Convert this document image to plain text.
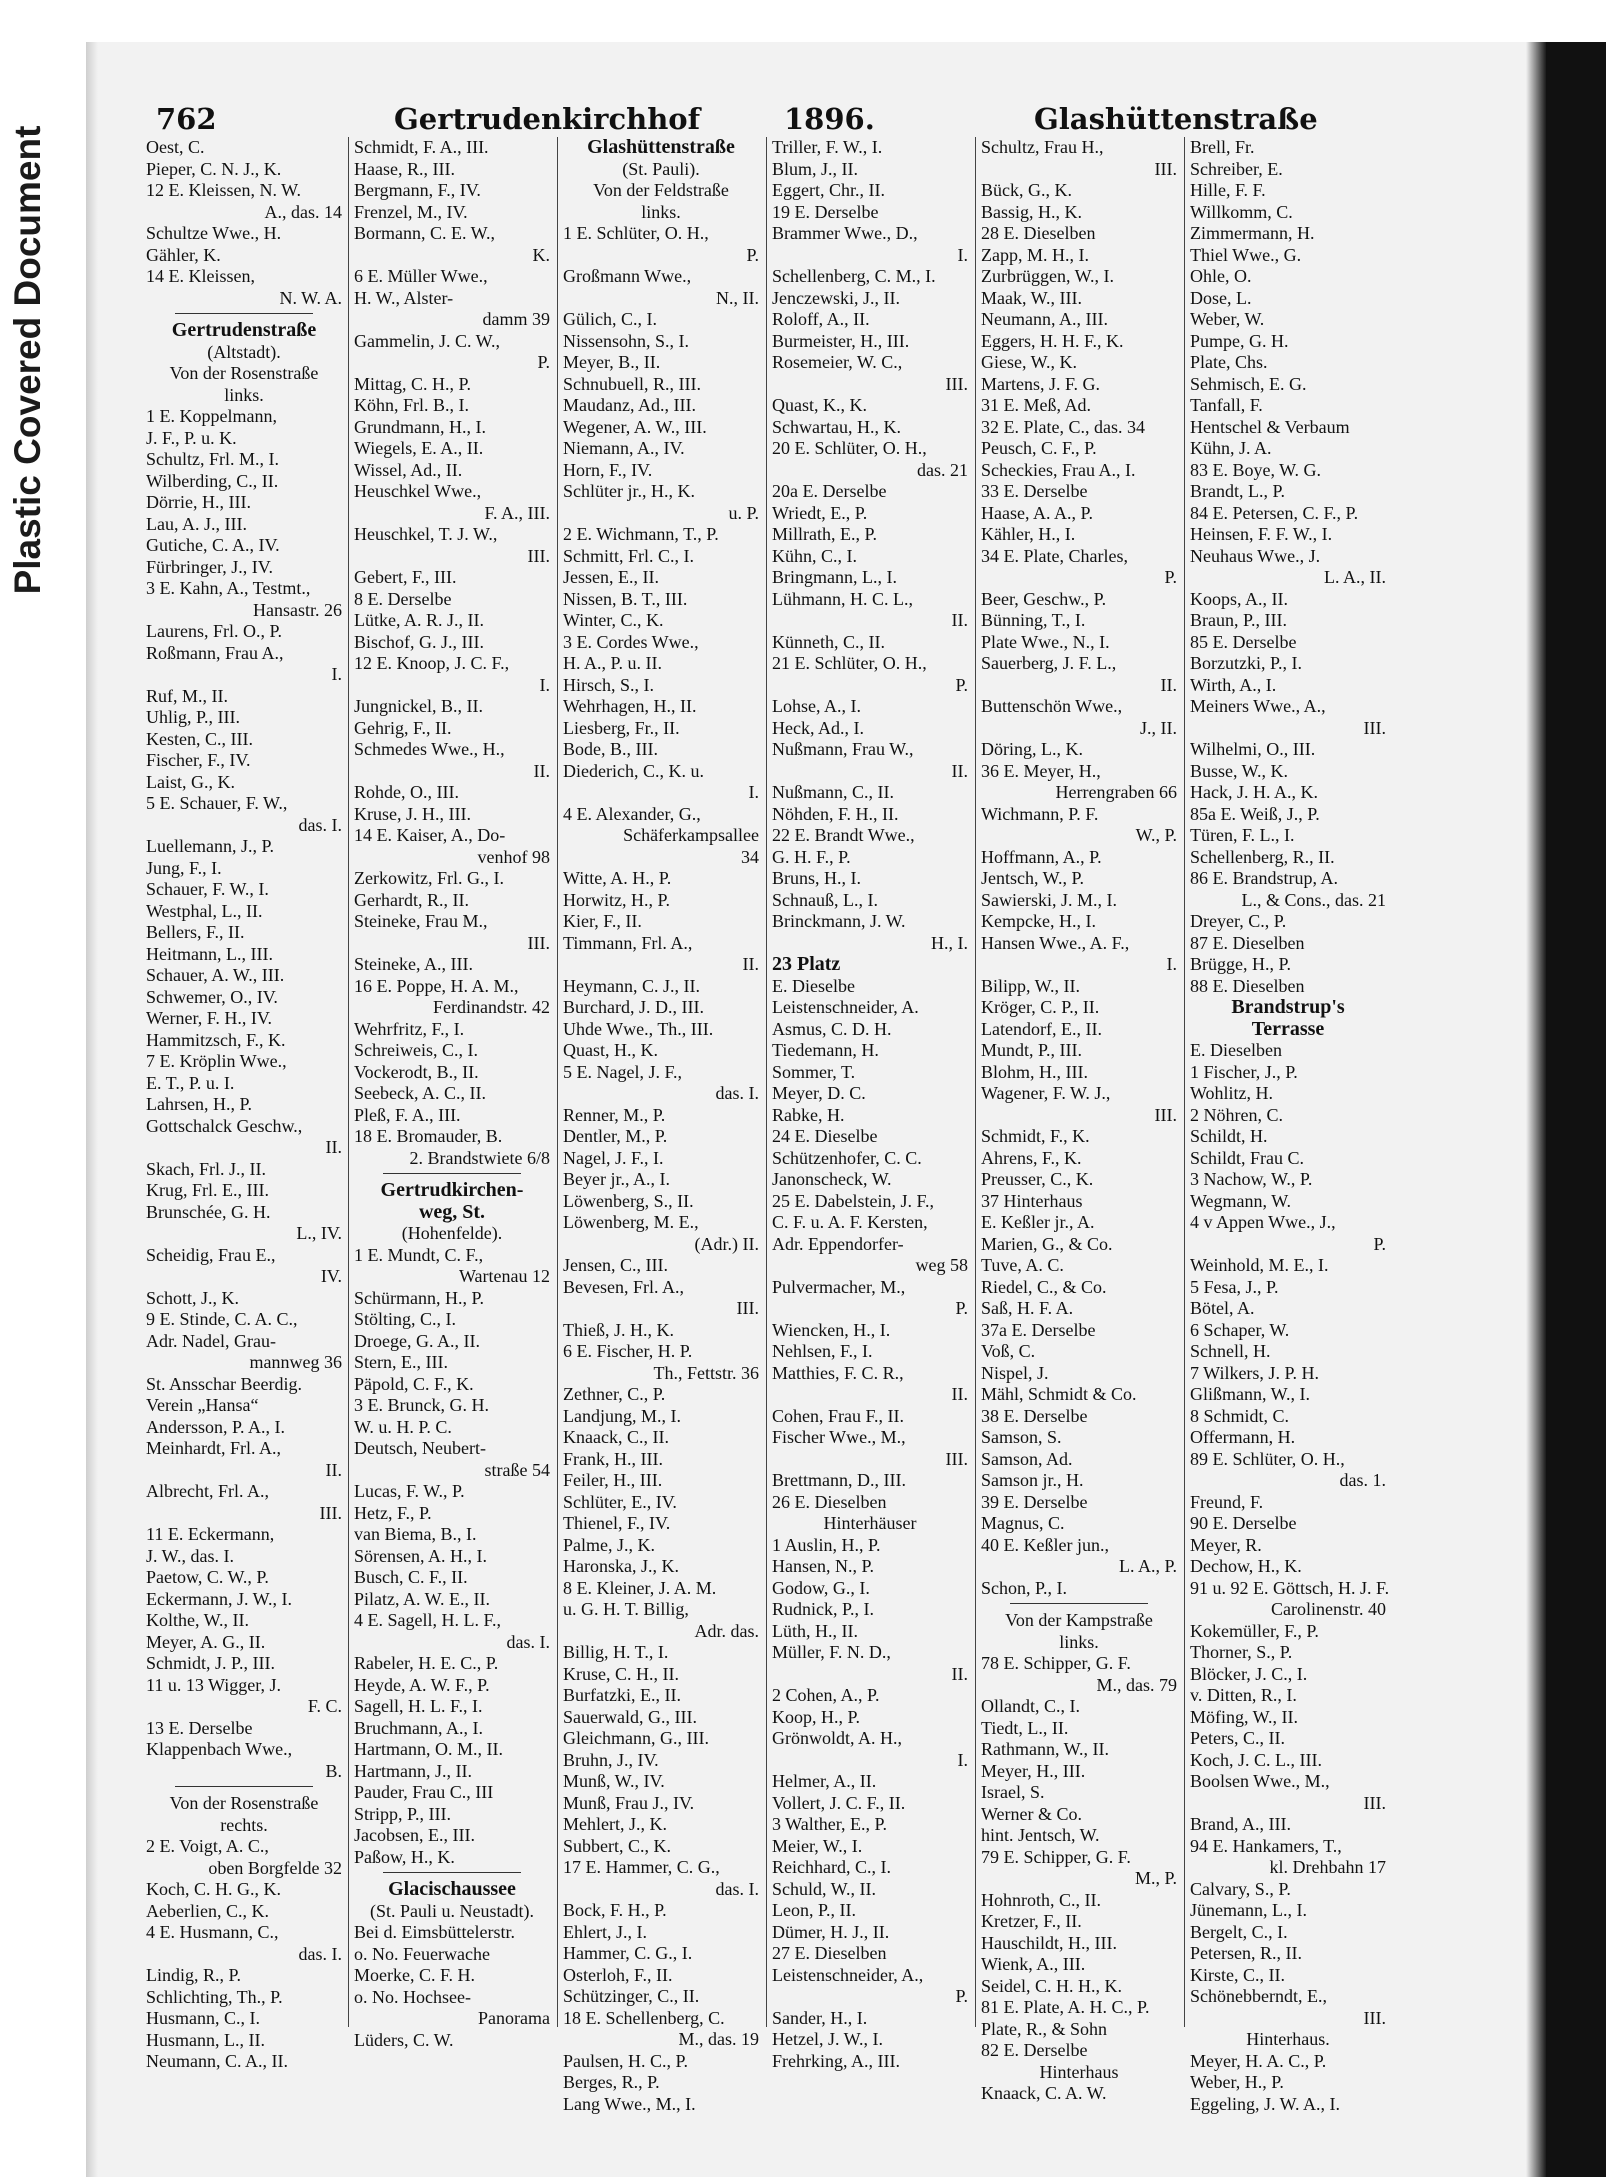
Plastic Covered Document
762	Gertrudenkirchhof	1896.	Glashüttenstraße
Oest, C.
Pieper, C. N. J., K.
12 E. Kleissen, N. W.
A., das. 14
Schultze Wwe., H.
Gähler, K.
14 E. Kleissen,
N. W. A.
Gertrudenstraße
(Altstadt).
Von der Rosenstraße
links.
1 E. Koppelmann,
J. F., P. u. K.
Schultz, Frl. M., I.
Wilberding, C., II.
Dörrie, H., III.
Lau, A. J., III.
Gutiche, C. A., IV.
Fürbringer, J., IV.
3 E. Kahn, A., Testmt.,
Hansastr. 26
Laurens, Frl. O., P.
Roßmann, Frau A.,
I.
Ruf, M., II.
Uhlig, P., III.
Kesten, C., III.
Fischer, F., IV.
Laist, G., K.
5 E. Schauer, F. W.,
das. I.
Luellemann, J., P.
Jung, F., I.
Schauer, F. W., I.
Westphal, L., II.
Bellers, F., II.
Heitmann, L., III.
Schauer, A. W., III.
Schwemer, O., IV.
Werner, F. H., IV.
Hammitzsch, F., K.
7 E. Kröplin Wwe.,
E. T., P. u. I.
Lahrsen, H., P.
Gottschalck Geschw.,
II.
Skach, Frl. J., II.
Krug, Frl. E., III.
Brunschée, G. H.
L., IV.
Scheidig, Frau E.,
IV.
Schott, J., K.
9 E. Stinde, C. A. C.,
Adr. Nadel, Grau-
mannweg 36
St. Ansschar Beerdig.
Verein „Hansa“
Andersson, P. A., I.
Meinhardt, Frl. A.,
II.
Albrecht, Frl. A.,
III.
11 E. Eckermann,
J. W., das. I.
Paetow, C. W., P.
Eckermann, J. W., I.
Kolthe, W., II.
Meyer, A. G., II.
Schmidt, J. P., III.
11 u. 13 Wigger, J.
F. C.
13 E. Derselbe
Klappenbach Wwe.,
B.
Von der Rosenstraße
rechts.
2 E. Voigt, A. C.,
oben Borgfelde 32
Koch, C. H. G., K.
Aeberlien, C., K.
4 E. Husmann, C.,
das. I.
Lindig, R., P.
Schlichting, Th., P.
Husmann, C., I.
Husmann, L., II.
Neumann, C. A., II.
Schmidt, F. A., III.
Haase, R., III.
Bergmann, F., IV.
Frenzel, M., IV.
Bormann, C. E. W.,
K.
6 E. Müller Wwe.,
H. W., Alster-
damm 39
Gammelin, J. C. W.,
P.
Mittag, C. H., P.
Köhn, Frl. B., I.
Grundmann, H., I.
Wiegels, E. A., II.
Wissel, Ad., II.
Heuschkel Wwe.,
F. A., III.
Heuschkel, T. J. W.,
III.
Gebert, F., III.
8 E. Derselbe
Lütke, A. R. J., II.
Bischof, G. J., III.
12 E. Knoop, J. C. F.,
I.
Jungnickel, B., II.
Gehrig, F., II.
Schmedes Wwe., H.,
II.
Rohde, O., III.
Kruse, J. H., III.
14 E. Kaiser, A., Do-
venhof 98
Zerkowitz, Frl. G., I.
Gerhardt, R., II.
Steineke, Frau M.,
III.
Steineke, A., III.
16 E. Poppe, H. A. M.,
Ferdinandstr. 42
Wehrfritz, F., I.
Schreiweis, C., I.
Vockerodt, B., II.
Seebeck, A. C., II.
Pleß, F. A., III.
18 E. Bromauder, B.
2. Brandstwiete 6/8
Gertrudkirchen-
weg, St.
(Hohenfelde).
1 E. Mundt, C. F.,
Wartenau 12
Schürmann, H., P.
Stölting, C., I.
Droege, G. A., II.
Stern, E., III.
Päpold, C. F., K.
3 E. Brunck, G. H.
W. u. H. P. C.
Deutsch, Neubert-
straße 54
Lucas, F. W., P.
Hetz, F., P.
van Biema, B., I.
Sörensen, A. H., I.
Busch, C. F., II.
Pilatz, A. W. E., II.
4 E. Sagell, H. L. F.,
das. I.
Rabeler, H. E. C., P.
Heyde, A. W. F., P.
Sagell, H. L. F., I.
Bruchmann, A., I.
Hartmann, O. M., II.
Hartmann, J., II.
Pauder, Frau C., III
Stripp, P., III.
Jacobsen, E., III.
Paßow, H., K.
Glacischaussee
(St. Pauli u. Neustadt).
Bei d. Eimsbüttelerstr.
o. No. Feuerwache
Moerke, C. F. H.
o. No. Hochsee-
Panorama
Lüders, C. W.
Glashüttenstraße
(St. Pauli).
Von der Feldstraße
links.
1 E. Schlüter, O. H.,
P.
Großmann Wwe.,
N., II.
Gülich, C., I.
Nissensohn, S., I.
Meyer, B., II.
Schnubuell, R., III.
Maudanz, Ad., III.
Wegener, A. W., III.
Niemann, A., IV.
Horn, F., IV.
Schlüter jr., H., K.
u. P.
2 E. Wichmann, T., P.
Schmitt, Frl. C., I.
Jessen, E., II.
Nissen, B. T., III.
Winter, C., K.
3 E. Cordes Wwe.,
H. A., P. u. II.
Hirsch, S., I.
Wehrhagen, H., II.
Liesberg, Fr., II.
Bode, B., III.
Diederich, C., K. u.
I.
4 E. Alexander, G.,
Schäferkampsallee
34
Witte, A. H., P.
Horwitz, H., P.
Kier, F., II.
Timmann, Frl. A.,
II.
Heymann, C. J., II.
Burchard, J. D., III.
Uhde Wwe., Th., III.
Quast, H., K.
5 E. Nagel, J. F.,
das. I.
Renner, M., P.
Dentler, M., P.
Nagel, J. F., I.
Beyer jr., A., I.
Löwenberg, S., II.
Löwenberg, M. E.,
(Adr.) II.
Jensen, C., III.
Bevesen, Frl. A.,
III.
Thieß, J. H., K.
6 E. Fischer, H. P.
Th., Fettstr. 36
Zethner, C., P.
Landjung, M., I.
Knaack, C., II.
Frank, H., III.
Feiler, H., III.
Schlüter, E., IV.
Thienel, F., IV.
Palme, J., K.
Haronska, J., K.
8 E. Kleiner, J. A. M.
u. G. H. T. Billig,
Adr. das.
Billig, H. T., I.
Kruse, C. H., II.
Burfatzki, E., II.
Sauerwald, G., III.
Gleichmann, G., III.
Bruhn, J., IV.
Munß, W., IV.
Munß, Frau J., IV.
Mehlert, J., K.
Subbert, C., K.
17 E. Hammer, C. G.,
das. I.
Bock, F. H., P.
Ehlert, J., I.
Hammer, C. G., I.
Osterloh, F., II.
Schützinger, C., II.
18 E. Schellenberg, C.
M., das. 19
Paulsen, H. C., P.
Berges, R., P.
Lang Wwe., M., I.
Triller, F. W., I.
Blum, J., II.
Eggert, Chr., II.
19 E. Derselbe
Brammer Wwe., D.,
I.
Schellenberg, C. M., I.
Jenczewski, J., II.
Roloff, A., II.
Burmeister, H., III.
Rosemeier, W. C.,
III.
Quast, K., K.
Schwartau, H., K.
20 E. Schlüter, O. H.,
das. 21
20a E. Derselbe
Wriedt, E., P.
Millrath, E., P.
Kühn, C., I.
Bringmann, L., I.
Lühmann, H. C. L.,
II.
Künneth, C., II.
21 E. Schlüter, O. H.,
P.
Lohse, A., I.
Heck, Ad., I.
Nußmann, Frau W.,
II.
Nußmann, C., II.
Nöhden, F. H., II.
22 E. Brandt Wwe.,
G. H. F., P.
Bruns, H., I.
Schnauß, L., I.
Brinckmann, J. W.
H., I.
23 Platz
E. Dieselbe
Leistenschneider, A.
Asmus, C. D. H.
Tiedemann, H.
Sommer, T.
Meyer, D. C.
Rabke, H.
24 E. Dieselbe
Schützenhofer, C. C.
Janonscheck, W.
25 E. Dabelstein, J. F.,
C. F. u. A. F. Kersten,
Adr. Eppendorfer-
weg 58
Pulvermacher, M.,
P.
Wiencken, H., I.
Nehlsen, F., I.
Matthies, F. C. R.,
II.
Cohen, Frau F., II.
Fischer Wwe., M.,
III.
Brettmann, D., III.
26 E. Dieselben
Hinterhäuser
1 Auslin, H., P.
Hansen, N., P.
Godow, G., I.
Rudnick, P., I.
Lüth, H., II.
Müller, F. N. D.,
II.
2 Cohen, A., P.
Koop, H., P.
Grönwoldt, A. H.,
I.
Helmer, A., II.
Vollert, J. C. F., II.
3 Walther, E., P.
Meier, W., I.
Reichhard, C., I.
Schuld, W., II.
Leon, P., II.
Dümer, H. J., II.
27 E. Dieselben
Leistenschneider, A.,
P.
Sander, H., I.
Hetzel, J. W., I.
Frehrking, A., III.
Schultz, Frau H.,
III.
Bück, G., K.
Bassig, H., K.
28 E. Dieselben
Zapp, M. H., I.
Zurbrüggen, W., I.
Maak, W., III.
Neumann, A., III.
Eggers, H. H. F., K.
Giese, W., K.
Martens, J. F. G.
31 E. Meß, Ad.
32 E. Plate, C., das. 34
Peusch, C. F., P.
Scheckies, Frau A., I.
33 E. Derselbe
Haase, A. A., P.
Kähler, H., I.
34 E. Plate, Charles,
P.
Beer, Geschw., P.
Bünning, T., I.
Plate Wwe., N., I.
Sauerberg, J. F. L.,
II.
Buttenschön Wwe.,
J., II.
Döring, L., K.
36 E. Meyer, H.,
Herrengraben 66
Wichmann, P. F.
W., P.
Hoffmann, A., P.
Jentsch, W., P.
Sawierski, J. M., I.
Kempcke, H., I.
Hansen Wwe., A. F.,
I.
Bilipp, W., II.
Kröger, C. P., II.
Latendorf, E., II.
Mundt, P., III.
Blohm, H., III.
Wagener, F. W. J.,
III.
Schmidt, F., K.
Ahrens, F., K.
Preusser, C., K.
37 Hinterhaus
E. Keßler jr., A.
Marien, G., & Co.
Tuve, A. C.
Riedel, C., & Co.
Saß, H. F. A.
37a E. Derselbe
Voß, C.
Nispel, J.
Mähl, Schmidt & Co.
38 E. Derselbe
Samson, S.
Samson, Ad.
Samson jr., H.
39 E. Derselbe
Magnus, C.
40 E. Keßler jun.,
L. A., P.
Schon, P., I.
Von der Kampstraße
links.
78 E. Schipper, G. F.
M., das. 79
Ollandt, C., I.
Tiedt, L., II.
Rathmann, W., II.
Meyer, H., III.
Israel, S.
Werner & Co.
hint. Jentsch, W.
79 E. Schipper, G. F.
M., P.
Hohnroth, C., II.
Kretzer, F., II.
Hauschildt, H., III.
Wienk, A., III.
Seidel, C. H. H., K.
81 E. Plate, A. H. C., P.
Plate, R., & Sohn
82 E. Derselbe
Hinterhaus
Knaack, C. A. W.
Brell, Fr.
Schreiber, E.
Hille, F. F.
Willkomm, C.
Zimmermann, H.
Thiel Wwe., G.
Ohle, O.
Dose, L.
Weber, W.
Pumpe, G. H.
Plate, Chs.
Sehmisch, E. G.
Tanfall, F.
Hentschel & Verbaum
Kühn, J. A.
83 E. Boye, W. G.
Brandt, L., P.
84 E. Petersen, C. F., P.
Heinsen, F. F. W., I.
Neuhaus Wwe., J.
L. A., II.
Koops, A., II.
Braun, P., III.
85 E. Derselbe
Borzutzki, P., I.
Wirth, A., I.
Meiners Wwe., A.,
III.
Wilhelmi, O., III.
Busse, W., K.
Hack, J. H. A., K.
85a E. Weiß, J., P.
Türen, F. L., I.
Schellenberg, R., II.
86 E. Brandstrup, A.
L., & Cons., das. 21
Dreyer, C., P.
87 E. Dieselben
Brügge, H., P.
88 E. Dieselben
Brandstrup's
Terrasse
E. Dieselben
1 Fischer, J., P.
Wohlitz, H.
2 Nöhren, C.
Schildt, H.
Schildt, Frau C.
3 Nachow, W., P.
Wegmann, W.
4 v Appen Wwe., J.,
P.
Weinhold, M. E., I.
5 Fesa, J., P.
Bötel, A.
6 Schaper, W.
Schnell, H.
7 Wilkers, J. P. H.
Glißmann, W., I.
8 Schmidt, C.
Offermann, H.
89 E. Schlüter, O. H.,
das. 1.
Freund, F.
90 E. Derselbe
Meyer, R.
Dechow, H., K.
91 u. 92 E. Göttsch, H. J. F.
Carolinenstr. 40
Kokemüller, F., P.
Thorner, S., P.
Blöcker, J. C., I.
v. Ditten, R., I.
Möfing, W., II.
Peters, C., II.
Koch, J. C. L., III.
Boolsen Wwe., M.,
III.
Brand, A., III.
94 E. Hankamers, T.,
kl. Drehbahn 17
Calvary, S., P.
Jünemann, L., I.
Bergelt, C., I.
Petersen, R., II.
Kirste, C., II.
Schönebberndt, E.,
III.
Hinterhaus.
Meyer, H. A. C., P.
Weber, H., P.
Eggeling, J. W. A., I.
